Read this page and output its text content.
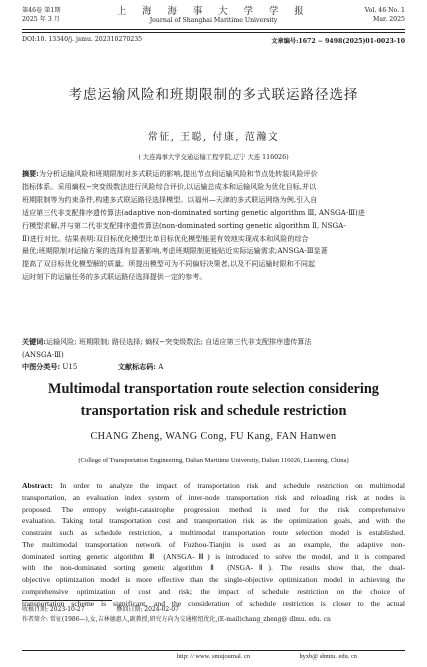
第46卷 第1期
2025 年 3 月
上 海 海 事 大 学 学 报
Journal of Shanghai Maritime University
Vol. 46 No. 1
Mar. 2025
DOI:10. 13340/j. jsmu. 202310270235	文章编号:1672 − 9498(2025)01-0023-10
考虑运输风险和班期限制的多式联运路径选择
常征, 王聪, 付康, 范瀚文
( 大连海事大学交通运输工程学院,辽宁 大连 116026)
摘要:为分析运输风险和班期限制对多式联运的影响,提出节点间运输风险和节点处转装风险评价
指标体系。采用熵权−突变级数法进行风险综合评价,以运输总成本和运输风险为优化目标,并以
班期限制等为约束条件,构建多式联运路径选择模型。以福州—天津的多式联运网络为例,引入自
适应第三代非支配排序遗传算法(adaptive non-dominated sorting genetic algorithm Ⅲ, ANSGA-Ⅲ)进
行模型求解,并与第二代非支配排序遗传算法(non-dominated sorting genetic algorithm Ⅱ, NSGA-
Ⅱ)进行对比。结果表明:双目标优化模型比单目标优化模型能更有效地实现成本和风险的综合
最优;班期限制对运输方案的选择有显著影响,考虑班期限制更能贴近实际运输需求;ANSGA-Ⅲ显著
提高了双目标优化模型解的质量。所提出模型可为不同偏好决策者,以及不同运输时限和不同起
运时刻下的运输任务的多式联运路径选择提供一定的参考。
关键词:运输风险; 班期限制; 路径选择; 熵权−突变级数法; 自适应第三代非支配排序遗传算法
(ANSGA-Ⅲ)
中图分类号: U15	文献标志码: A
Multimodal transportation route selection considering
transportation risk and schedule restriction
CHANG Zheng, WANG Cong, FU Kang, FAN Hanwen
(College of Transportation Engineering, Dalian Maritime University, Dalian 116026, Liaoning, China)
Abstract: In order to analyze the impact of transportation risk and schedule restriction on multimodal
transportation, an evaluation index system of inter-node transportation risk and reloading risk at nodes is
proposed. The entropy weight-catastrophe progression method is used for the risk comprehensive
evaluation. Taking total transportation cost and transportation risk as the optimization goals, and with the
constraint such as schedule restriction, a multimodal transportation route selection model is established.
The multimodal transportation network of Fuzhou-Tianjin is used as an example, the adaptive non-
dominated sorting genetic algorithm Ⅲ (ANSGA-Ⅲ) is introduced to solve the model, and it is compared
with the non-dominated sorting genetic algorithm Ⅱ (NSGA-Ⅱ). The results show that, the dual-
objective optimization model is more effective than the single-objective optimization model in achieving the
comprehensive optimization of cost and risk; the impact of schedule restriction on the choice of
transportation scheme is significant, and the consideration of schedule restriction is closer to the actual
收稿日期: 2023-10-27	修回日期: 2024-02-07
作者简介: 常征(1986—),女,吉林德惠人,副教授,研究方向为交通枢纽优化,(E-mail)chang_zheng@ dlmu. edu. cn
http: // www. smujournal. cn	hyxb@ shmtu. edu. cn
